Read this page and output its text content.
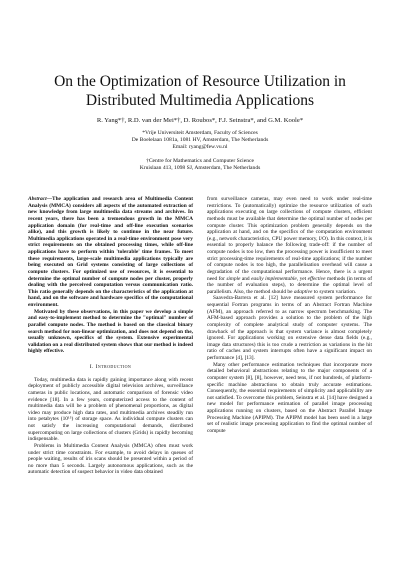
On the Optimization of Resource Utilization in
Distributed Multimedia Applications

R. Yang*†, R.D. van der Mei*†, D. Roubos*, F.J. Seinstra*, and G.M. Koole*

*Vrije Universiteit Amsterdam, Faculty of Sciences

De Boelelaan 1081a, 1081 HV, Amsterdam, The Netherlands

Email: ryang@few.vu.nl

†Centre for Mathematics and Computer Science

Kruislaan 413, 1098 SJ, Amsterdam, The Netherlands

Abstract—The application and research area of Multimedia Content Analysis (MMCA) considers all aspects of the automated extraction of new knowledge from large multimedia data streams and archives. In recent years, there has been a tremendous growth in the MMCA application domain (for real-time and off-line execution scenarios alike), and this growth is likely to continue in the near future. Multimedia applications operated in a real-time environment pose very strict requirements on the obtained processing times, while off-line applications have to perform within 'tolerable' time frames. To meet these requirements, large-scale multimedia applications typically are being executed on Grid systems consisting of large collections of compute clusters. For optimized use of resources, it is essential to determine the optimal number of compute nodes per cluster, properly dealing with the perceived computation versus communication ratio. This ratio generally depends on the characteristics of the application at hand, and on the software and hardware specifics of the computational environment.

Motivated by these observations, in this paper we develop a simple and easy-to-implement method to determine the "optimal" number of parallel compute nodes. The method is based on the classical binary search method for non-linear optimization, and does not depend on the, usually unknown, specifics of the system. Extensive experimental validation on a real distributed system shows that our method is indeed highly effective.

I. Introduction

Today, multimedia data is rapidly gaining importance along with recent deployment of publicly accessible digital television archives, surveillance cameras in public locations, and automatic comparison of forensic video evidence [18]. In a few years, computerized access to the content of multimedia data will be a problem of phenomenal proportions, as digital video may produce high data rates, and multimedia archives steadily run into petabytes (10¹⁵) of storage space. As individual compute clusters can not satisfy the increasing computational demands, distributed supercomputing on large collections of clusters (Grids) is rapidly becoming indispensable.

Problems in Multimedia Content Analysis (MMCA) often must work under strict time constraints. For example, to avoid delays in queues of people waiting, results of iris scans should be presented within a period of no more than 5 seconds. Largely autonomous applications, such as the automatic detection of suspect behavior in video data obtained

from surveillance cameras, may even need to work under real-time restrictions. To (automatically) optimize the resource utilization of such applications executing on large collections of compute clusters, efficient methods must be available that determine the optimal number of nodes per compute cluster. This optimization problem generally depends on the application at hand, and on the specifics of the computation environment (e.g., network characteristics, CPU power memory, I/O). In this context, it is essential to properly balance the following trade-off: if the number of compute nodes is too low, then the processing power is insufficient to meet strict processing-time requirements of real-time applications; if the number of compute nodes is too high, the parallelisation overhead will cause a degradation of the computational performance. Hence, there is a urgent need for simple and easily implementable, yet effective methods (in terms of the number of evaluation steps), to determine the optimal level of parallelism. Also, the method should be adaptive to system variation.

Saavedra-Barrera et al. [12] have measured system performance for sequential Fortran programs in terms of an Abstract Fortran Machine (AFM), an approach referred to as narrow spectrum benchmarking. The AFM-based approach provides a solution to the problem of the high complexity of complete analytical study of computer systems. The drawback of the approach is that system variance is almost completely ignored. For applications working on extensive dense data fields (e.g., image data structures) this is too crude a restriction as variations in the hit ratio of caches and system interrupts often have a significant impact on performance [4], [13].

Many other performance estimation techniques that incorporate more detailed behavioral abstractions relating to the major components of a computer system [8], [8], however, need tens, if not hundreds, of platform-specific machine abstractions to obtain truly accurate estimations. Consequently, the essential requirements of simplicity and applicability are not satisfied. To overcome this problem, Seinstra et al. [14] have designed a new model for performance estimation of parallel image processing applications running on clusters, based on the Abstract Parallel Image Processing Machine (APIPM). The APIPM model has been used in a large set of realistic image processing application to find the optimal number of compute
